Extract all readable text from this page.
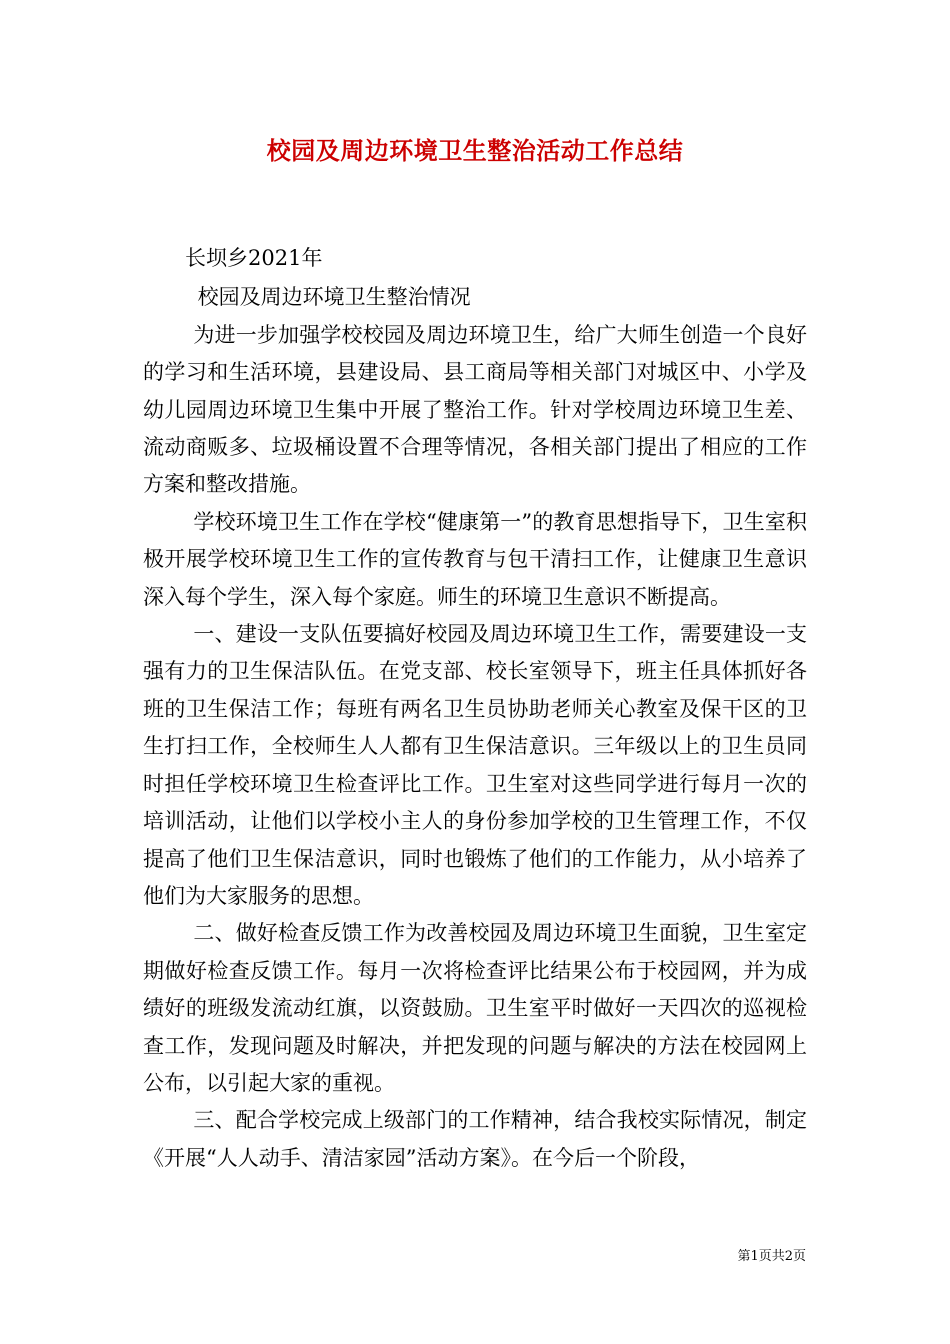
校园及周边环境卫生整治活动工作总结

长坝乡2021年

校园及周边环境卫生整治情况

为进一步加强学校校园及周边环境卫生，给广大师生创造一个良好的学习和生活环境，县建设局、县工商局等相关部门对城区中、小学及幼儿园周边环境卫生集中开展了整治工作。针对学校周边环境卫生差、流动商贩多、垃圾桶设置不合理等情况，各相关部门提出了相应的工作方案和整改措施。

学校环境卫生工作在学校“健康第一”的教育思想指导下，卫生室积极开展学校环境卫生工作的宣传教育与包干清扫工作，让健康卫生意识深入每个学生，深入每个家庭。师生的环境卫生意识不断提高。

一、建设一支队伍要搞好校园及周边环境卫生工作，需要建设一支强有力的卫生保洁队伍。在党支部、校长室领导下，班主任具体抓好各班的卫生保洁工作；每班有两名卫生员协助老师关心教室及保干区的卫生打扫工作，全校师生人人都有卫生保洁意识。三年级以上的卫生员同时担任学校环境卫生检查评比工作。卫生室对这些同学进行每月一次的培训活动，让他们以学校小主人的身份参加学校的卫生管理工作，不仅提高了他们卫生保洁意识，同时也锻炼了他们的工作能力，从小培养了他们为大家服务的思想。

二、做好检查反馈工作为改善校园及周边环境卫生面貌，卫生室定期做好检查反馈工作。每月一次将检查评比结果公布于校园网，并为成绩好的班级发流动红旗，以资鼓励。卫生室平时做好一天四次的巡视检查工作，发现问题及时解决，并把发现的问题与解决的方法在校园网上公布，以引起大家的重视。

三、配合学校完成上级部门的工作精神，结合我校实际情况，制定《开展“人人动手、清洁家园”活动方案》。在今后一个阶段，

第1页共2页
